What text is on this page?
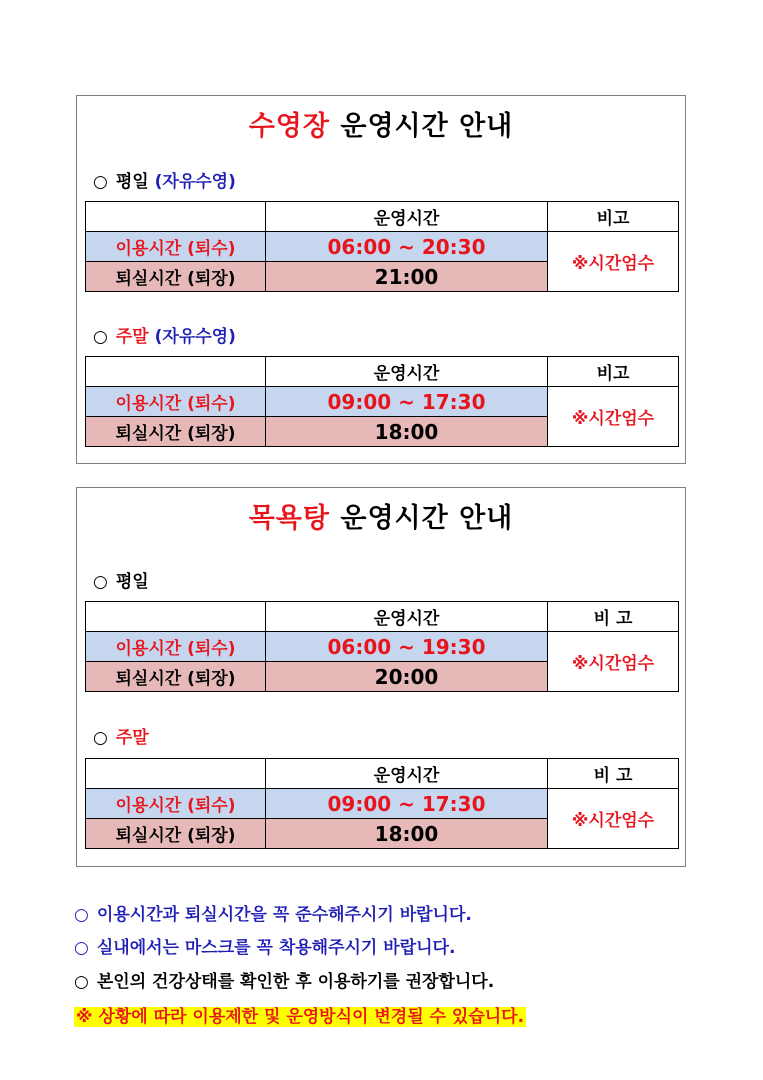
수영장 운영시간 안내
○ 평일 (자유수영)
	운영시간	비고
이용시간 (퇴수)	06:00 ~ 20:30	※시간엄수
퇴실시간 (퇴장)	21:00	
○ 주말 (자유수영)
	운영시간	비고
이용시간 (퇴수)	09:00 ~ 17:30	※시간엄수
퇴실시간 (퇴장)	18:00	
목욕탕 운영시간 안내
○ 평일
	운영시간	비 고
이용시간 (퇴수)	06:00 ~ 19:30	※시간엄수
퇴실시간 (퇴장)	20:00	
○ 주말
	운영시간	비 고
이용시간 (퇴수)	09:00 ~ 17:30	※시간엄수
퇴실시간 (퇴장)	18:00	
○ 이용시간과 퇴실시간을 꼭 준수해주시기 바랍니다.
○ 실내에서는 마스크를 꼭 착용해주시기 바랍니다.
○ 본인의 건강상태를 확인한 후 이용하기를 권장합니다.
※ 상황에 따라 이용제한 및 운영방식이 변경될 수 있습니다.
